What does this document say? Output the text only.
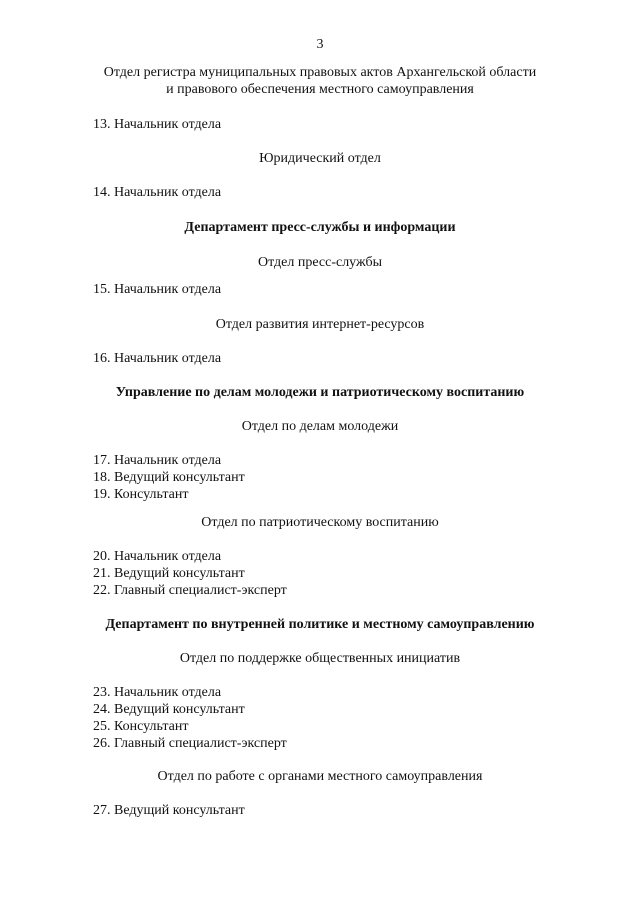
3
Отдел регистра муниципальных правовых актов Архангельской области
и правового обеспечения местного самоуправления
13. Начальник отдела
Юридический отдел
14. Начальник отдела
Департамент пресс-службы и информации
Отдел пресс-службы
15. Начальник отдела
Отдел развития интернет-ресурсов
16. Начальник отдела
Управление по делам молодежи и патриотическому воспитанию
Отдел по делам молодежи
17. Начальник отдела
18. Ведущий консультант
19. Консультант
Отдел по патриотическому воспитанию
20. Начальник отдела
21. Ведущий консультант
22. Главный специалист-эксперт
Департамент по внутренней политике и местному самоуправлению
Отдел по поддержке общественных инициатив
23. Начальник отдела
24. Ведущий консультант
25. Консультант
26. Главный специалист-эксперт
Отдел по работе с органами местного самоуправления
27. Ведущий консультант
